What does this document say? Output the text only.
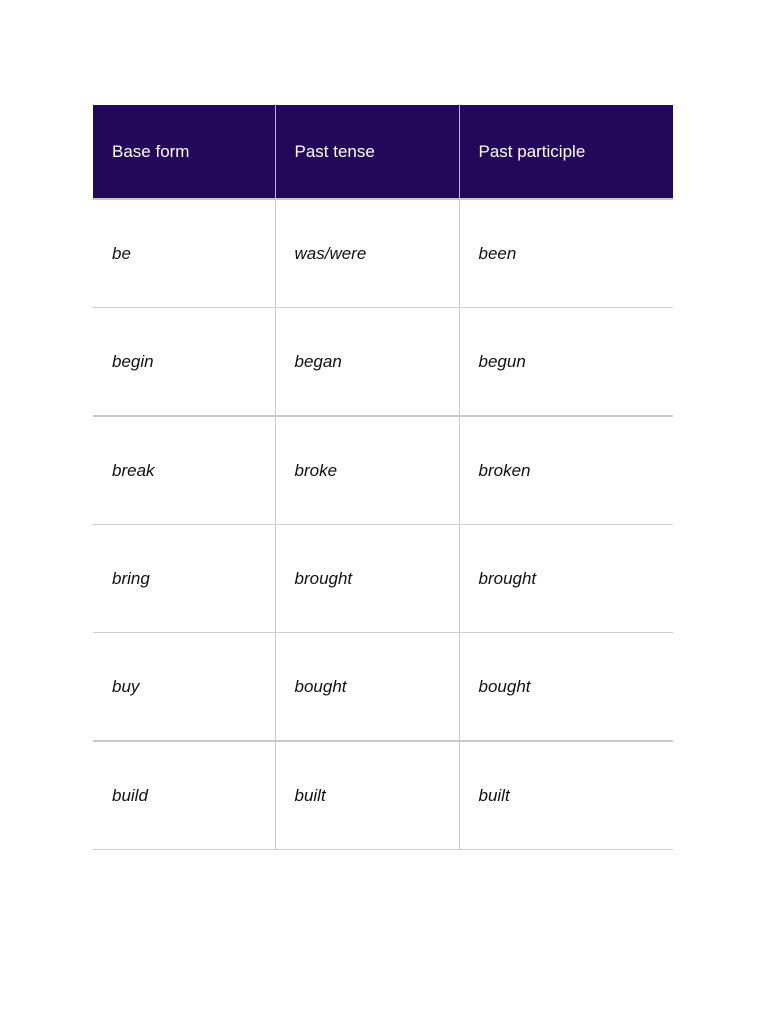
Base form	Past tense	Past participle
be	was/were	been
begin	began	begun
break	broke	broken
bring	brought	brought
buy	bought	bought
build	built	built
